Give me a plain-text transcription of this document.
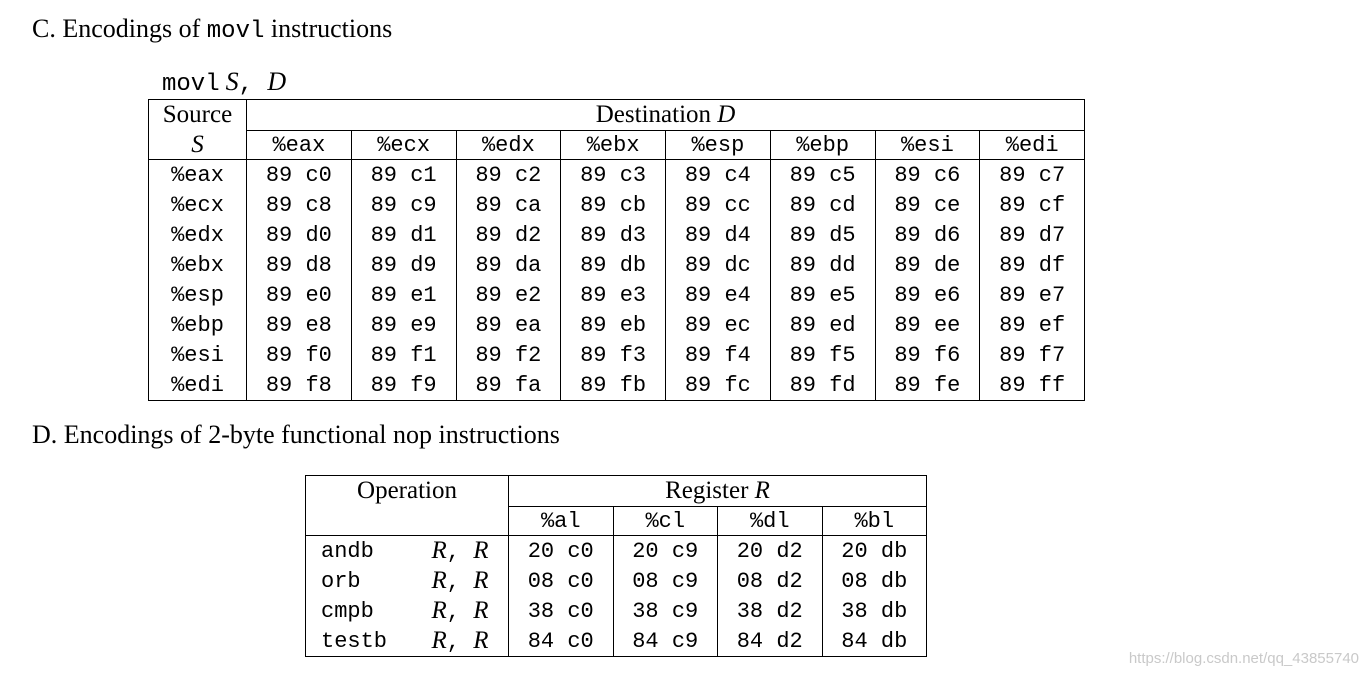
C. Encodings of movl instructions
movl S, D
Source	Destination D							
S	%eax	%ecx	%edx	%ebx	%esp	%ebp	%esi	%edi
%eax	89 c0	89 c1	89 c2	89 c3	89 c4	89 c5	89 c6	89 c7
%ecx	89 c8	89 c9	89 ca	89 cb	89 cc	89 cd	89 ce	89 cf
%edx	89 d0	89 d1	89 d2	89 d3	89 d4	89 d5	89 d6	89 d7
%ebx	89 d8	89 d9	89 da	89 db	89 dc	89 dd	89 de	89 df
%esp	89 e0	89 e1	89 e2	89 e3	89 e4	89 e5	89 e6	89 e7
%ebp	89 e8	89 e9	89 ea	89 eb	89 ec	89 ed	89 ee	89 ef
%esi	89 f0	89 f1	89 f2	89 f3	89 f4	89 f5	89 f6	89 f7
%edi	89 f8	89 f9	89 fa	89 fb	89 fc	89 fd	89 fe	89 ff
D. Encodings of 2-byte functional nop instructions
Operation		Register R			
		%al	%cl	%dl	%bl
andb	R, R	20 c0	20 c9	20 d2	20 db
orb	R, R	08 c0	08 c9	08 d2	08 db
cmpb	R, R	38 c0	38 c9	38 d2	38 db
testb	R, R	84 c0	84 c9	84 d2	84 db
https://blog.csdn.net/qq_43855740
